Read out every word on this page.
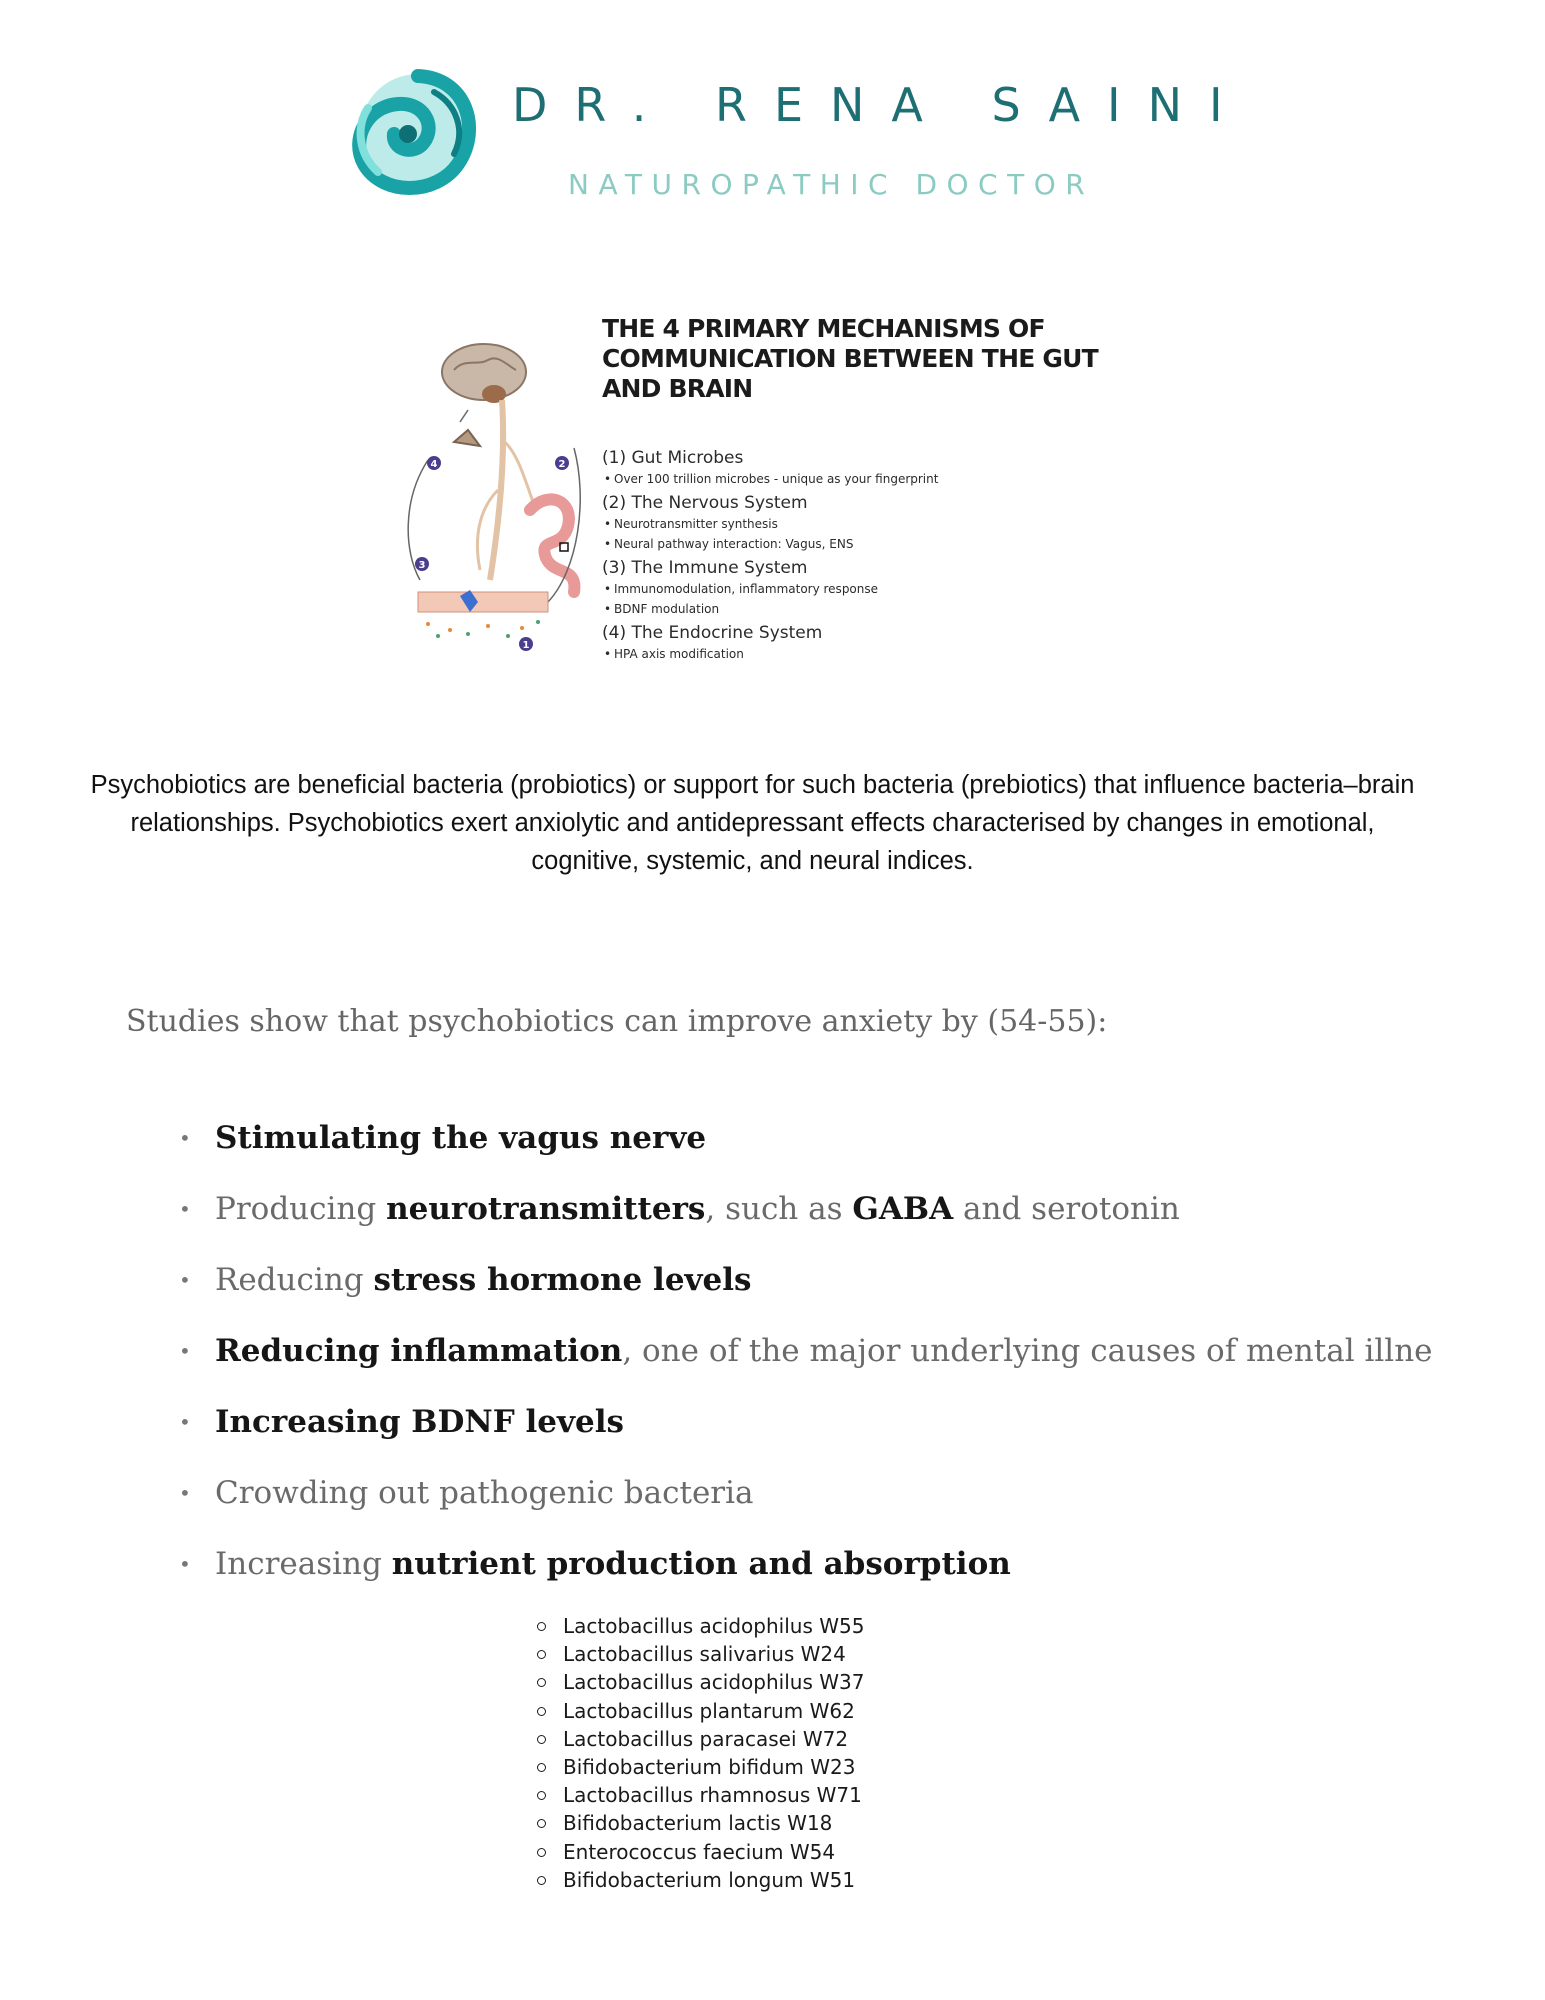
DR. RENA SAINI
NATUROPATHIC DOCTOR
4	2
3
1
THE 4 PRIMARY MECHANISMS OF COMMUNICATION BETWEEN THE GUT AND BRAIN
(1) Gut Microbes
• Over 100 trillion microbes - unique as your fingerprint
(2) The Nervous System
• Neurotransmitter synthesis
• Neural pathway interaction: Vagus, ENS
(3) The Immune System
• Immunomodulation, inflammatory response
• BDNF modulation
(4) The Endocrine System
• HPA axis modification

Psychobiotics are beneficial bacteria (probiotics) or support for such bacteria (prebiotics) that influence bacteria–brain relationships. Psychobiotics exert anxiolytic and antidepressant effects characterised by changes in emotional, cognitive, systemic, and neural indices.

Studies show that psychobiotics can improve anxiety by (54-55):
• Stimulating the vagus nerve
• Producing neurotransmitters, such as GABA and serotonin
• Reducing stress hormone levels
• Reducing inflammation, one of the major underlying causes of mental illne
• Increasing BDNF levels
• Crowding out pathogenic bacteria
• Increasing nutrient production and absorption
Lactobacillus acidophilus W55
Lactobacillus salivarius W24
Lactobacillus acidophilus W37
Lactobacillus plantarum W62
Lactobacillus paracasei W72
Bifidobacterium bifidum W23
Lactobacillus rhamnosus W71
Bifidobacterium lactis W18
Enterococcus faecium W54
Bifidobacterium longum W51
